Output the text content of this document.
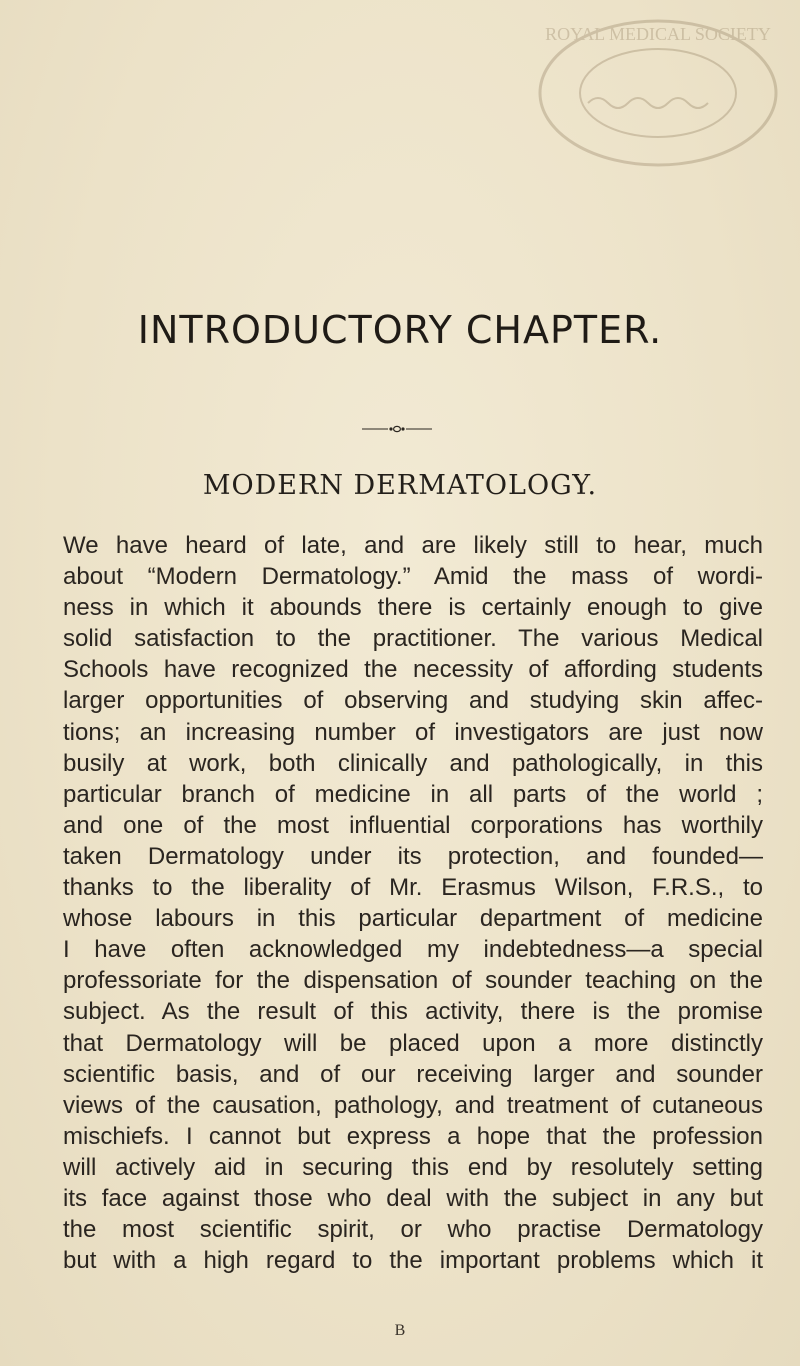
ROYAL MEDICAL SOCIETY
INTRODUCTORY CHAPTER.
MODERN DERMATOLOGY.
We have heard of late, and are likely still to hear, much
about “Modern Dermatology.” Amid the mass of wordi-
ness in which it abounds there is certainly enough to give
solid satisfaction to the practitioner. The various Medical
Schools have recognized the necessity of affording students
larger opportunities of observing and studying skin affec-
tions; an increasing number of investigators are just now
busily at work, both clinically and pathologically, in this
particular branch of medicine in all parts of the world ;
and one of the most influential corporations has worthily
taken Dermatology under its protection, and founded—
thanks to the liberality of Mr. Erasmus Wilson, F.R.S., to
whose labours in this particular department of medicine
I have often acknowledged my indebtedness—a special
professoriate for the dispensation of sounder teaching on the
subject. As the result of this activity, there is the promise
that Dermatology will be placed upon a more distinctly
scientific basis, and of our receiving larger and sounder
views of the causation, pathology, and treatment of cutaneous
mischiefs. I cannot but express a hope that the profession
will actively aid in securing this end by resolutely setting
its face against those who deal with the subject in any but
the most scientific spirit, or who practise Dermatology
but with a high regard to the important problems which it
B
